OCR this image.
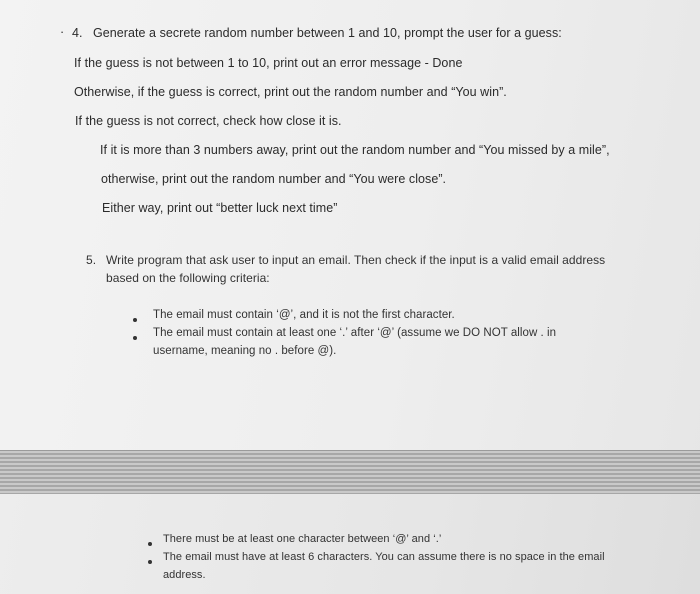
· 4. Generate a secrete random number between 1 and 10, prompt the user for a guess:
If the guess is not between 1 to 10, print out an error message - Done
Otherwise, if the guess is correct, print out the random number and “You win”.
If the guess is not correct, check how close it is.
If it is more than 3 numbers away, print out the random number and “You missed by a mile”,
otherwise, print out the random number and “You were close”.
Either way, print out “better luck next time”
5. Write program that ask user to input an email. Then check if the input is a valid email address
based on the following criteria:
The email must contain ‘@’, and it is not the first character.
The email must contain at least one ‘.’ after ‘@’ (assume we DO NOT allow . in
username, meaning no . before @).
There must be at least one character between ‘@’ and ‘.’
The email must have at least 6 characters. You can assume there is no space in the email
address.
